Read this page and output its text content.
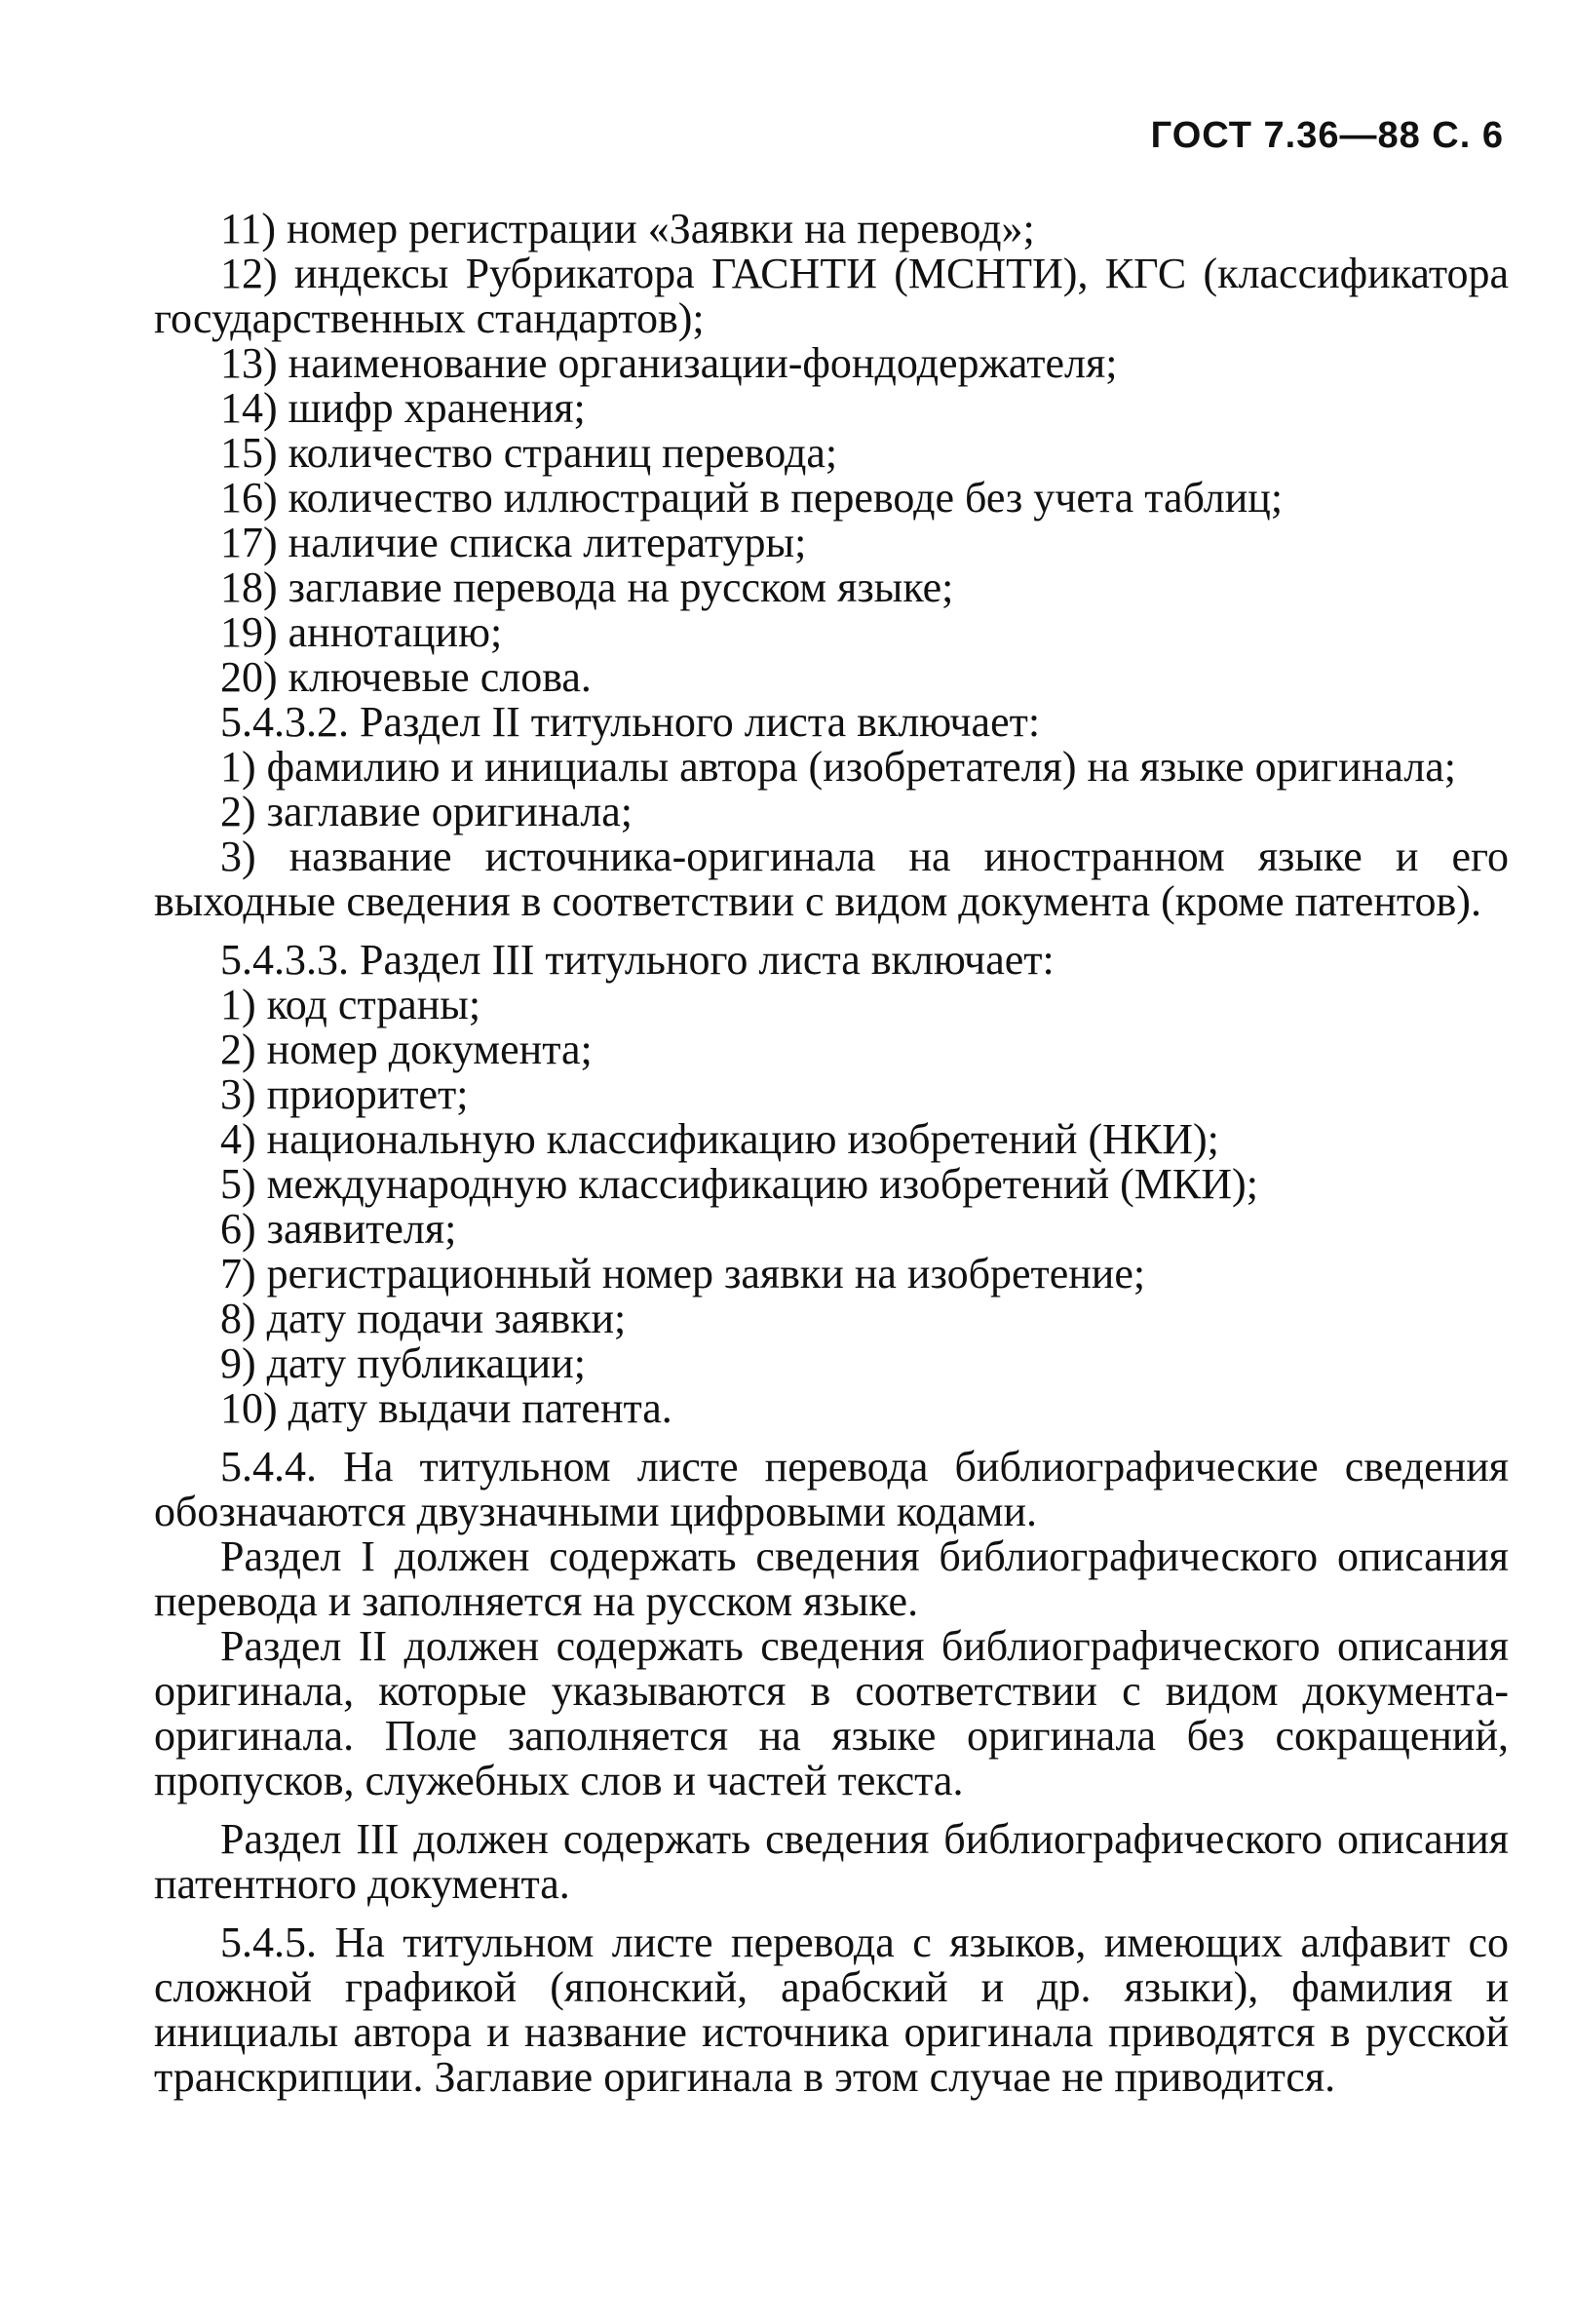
ГОСТ 7.36—88 С. 6

11) номер регистрации «Заявки на перевод»;

12) индексы Рубрикатора ГАСНТИ (МСНТИ), КГС (классификатора государственных стандартов);

13) наименование организации-фондодержателя;

14) шифр хранения;

15) количество страниц перевода;

16) количество иллюстраций в переводе без учета таблиц;

17) наличие списка литературы;

18) заглавие перевода на русском языке;

19) аннотацию;

20) ключевые слова.

5.4.3.2. Раздел II титульного листа включает:

1) фамилию и инициалы автора (изобретателя) на языке оригинала;

2) заглавие оригинала;

3) название источника-оригинала на иностранном языке и его выходные сведения в соответствии с видом документа (кроме патентов).

5.4.3.3. Раздел III титульного листа включает:

1) код страны;

2) номер документа;

3) приоритет;

4) национальную классификацию изобретений (НКИ);

5) международную классификацию изобретений (МКИ);

6) заявителя;

7) регистрационный номер заявки на изобретение;

8) дату подачи заявки;

9) дату публикации;

10) дату выдачи патента.

5.4.4. На титульном листе перевода библиографические сведения обозначаются двузначными цифровыми кодами.

Раздел I должен содержать сведения библиографического описания перевода и заполняется на русском языке.

Раздел II должен содержать сведения библиографического описания оригинала, которые указываются в соответствии с видом документа-оригинала. Поле заполняется на языке оригинала без сокращений, пропусков, служебных слов и частей текста.

Раздел III должен содержать сведения библиографического описания патентного документа.

5.4.5. На титульном листе перевода с языков, имеющих алфавит со сложной графикой (японский, арабский и др. языки), фамилия и инициалы автора и название источника оригинала приводятся в русской транскрипции. Заглавие оригинала в этом случае не приводится.
